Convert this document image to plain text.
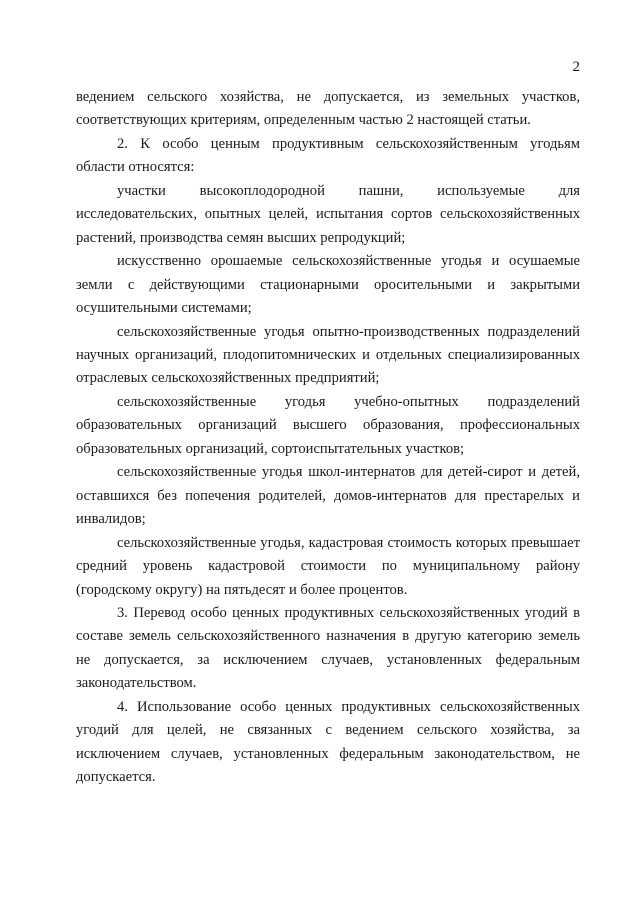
2

ведением сельского хозяйства, не допускается, из земельных участков, соответствующих критериям, определенным частью 2 настоящей статьи.

2. К особо ценным продуктивным сельскохозяйственным угодьям области относятся:

участки высокоплодородной пашни, используемые для исследовательских, опытных целей, испытания сортов сельскохозяйственных растений, производства семян высших репродукций;

искусственно орошаемые сельскохозяйственные угодья и осушаемые земли с действующими стационарными оросительными и закрытыми осушительными системами;

сельскохозяйственные угодья опытно-производственных подразделений научных организаций, плодопитомнических и отдельных специализированных отраслевых сельскохозяйственных предприятий;

сельскохозяйственные угодья учебно-опытных подразделений образовательных организаций высшего образования, профессиональных образовательных организаций, сортоиспытательных участков;

сельскохозяйственные угодья школ-интернатов для детей-сирот и детей, оставшихся без попечения родителей, домов-интернатов для престарелых и инвалидов;

сельскохозяйственные угодья, кадастровая стоимость которых превышает средний уровень кадастровой стоимости по муниципальному району (городскому округу) на пятьдесят и более процентов.

3. Перевод особо ценных продуктивных сельскохозяйственных угодий в составе земель сельскохозяйственного назначения в другую категорию земель не допускается, за исключением случаев, установленных федеральным законодательством.

4. Использование особо ценных продуктивных сельскохозяйственных угодий для целей, не связанных с ведением сельского хозяйства, за исключением случаев, установленных федеральным законодательством, не допускается.
